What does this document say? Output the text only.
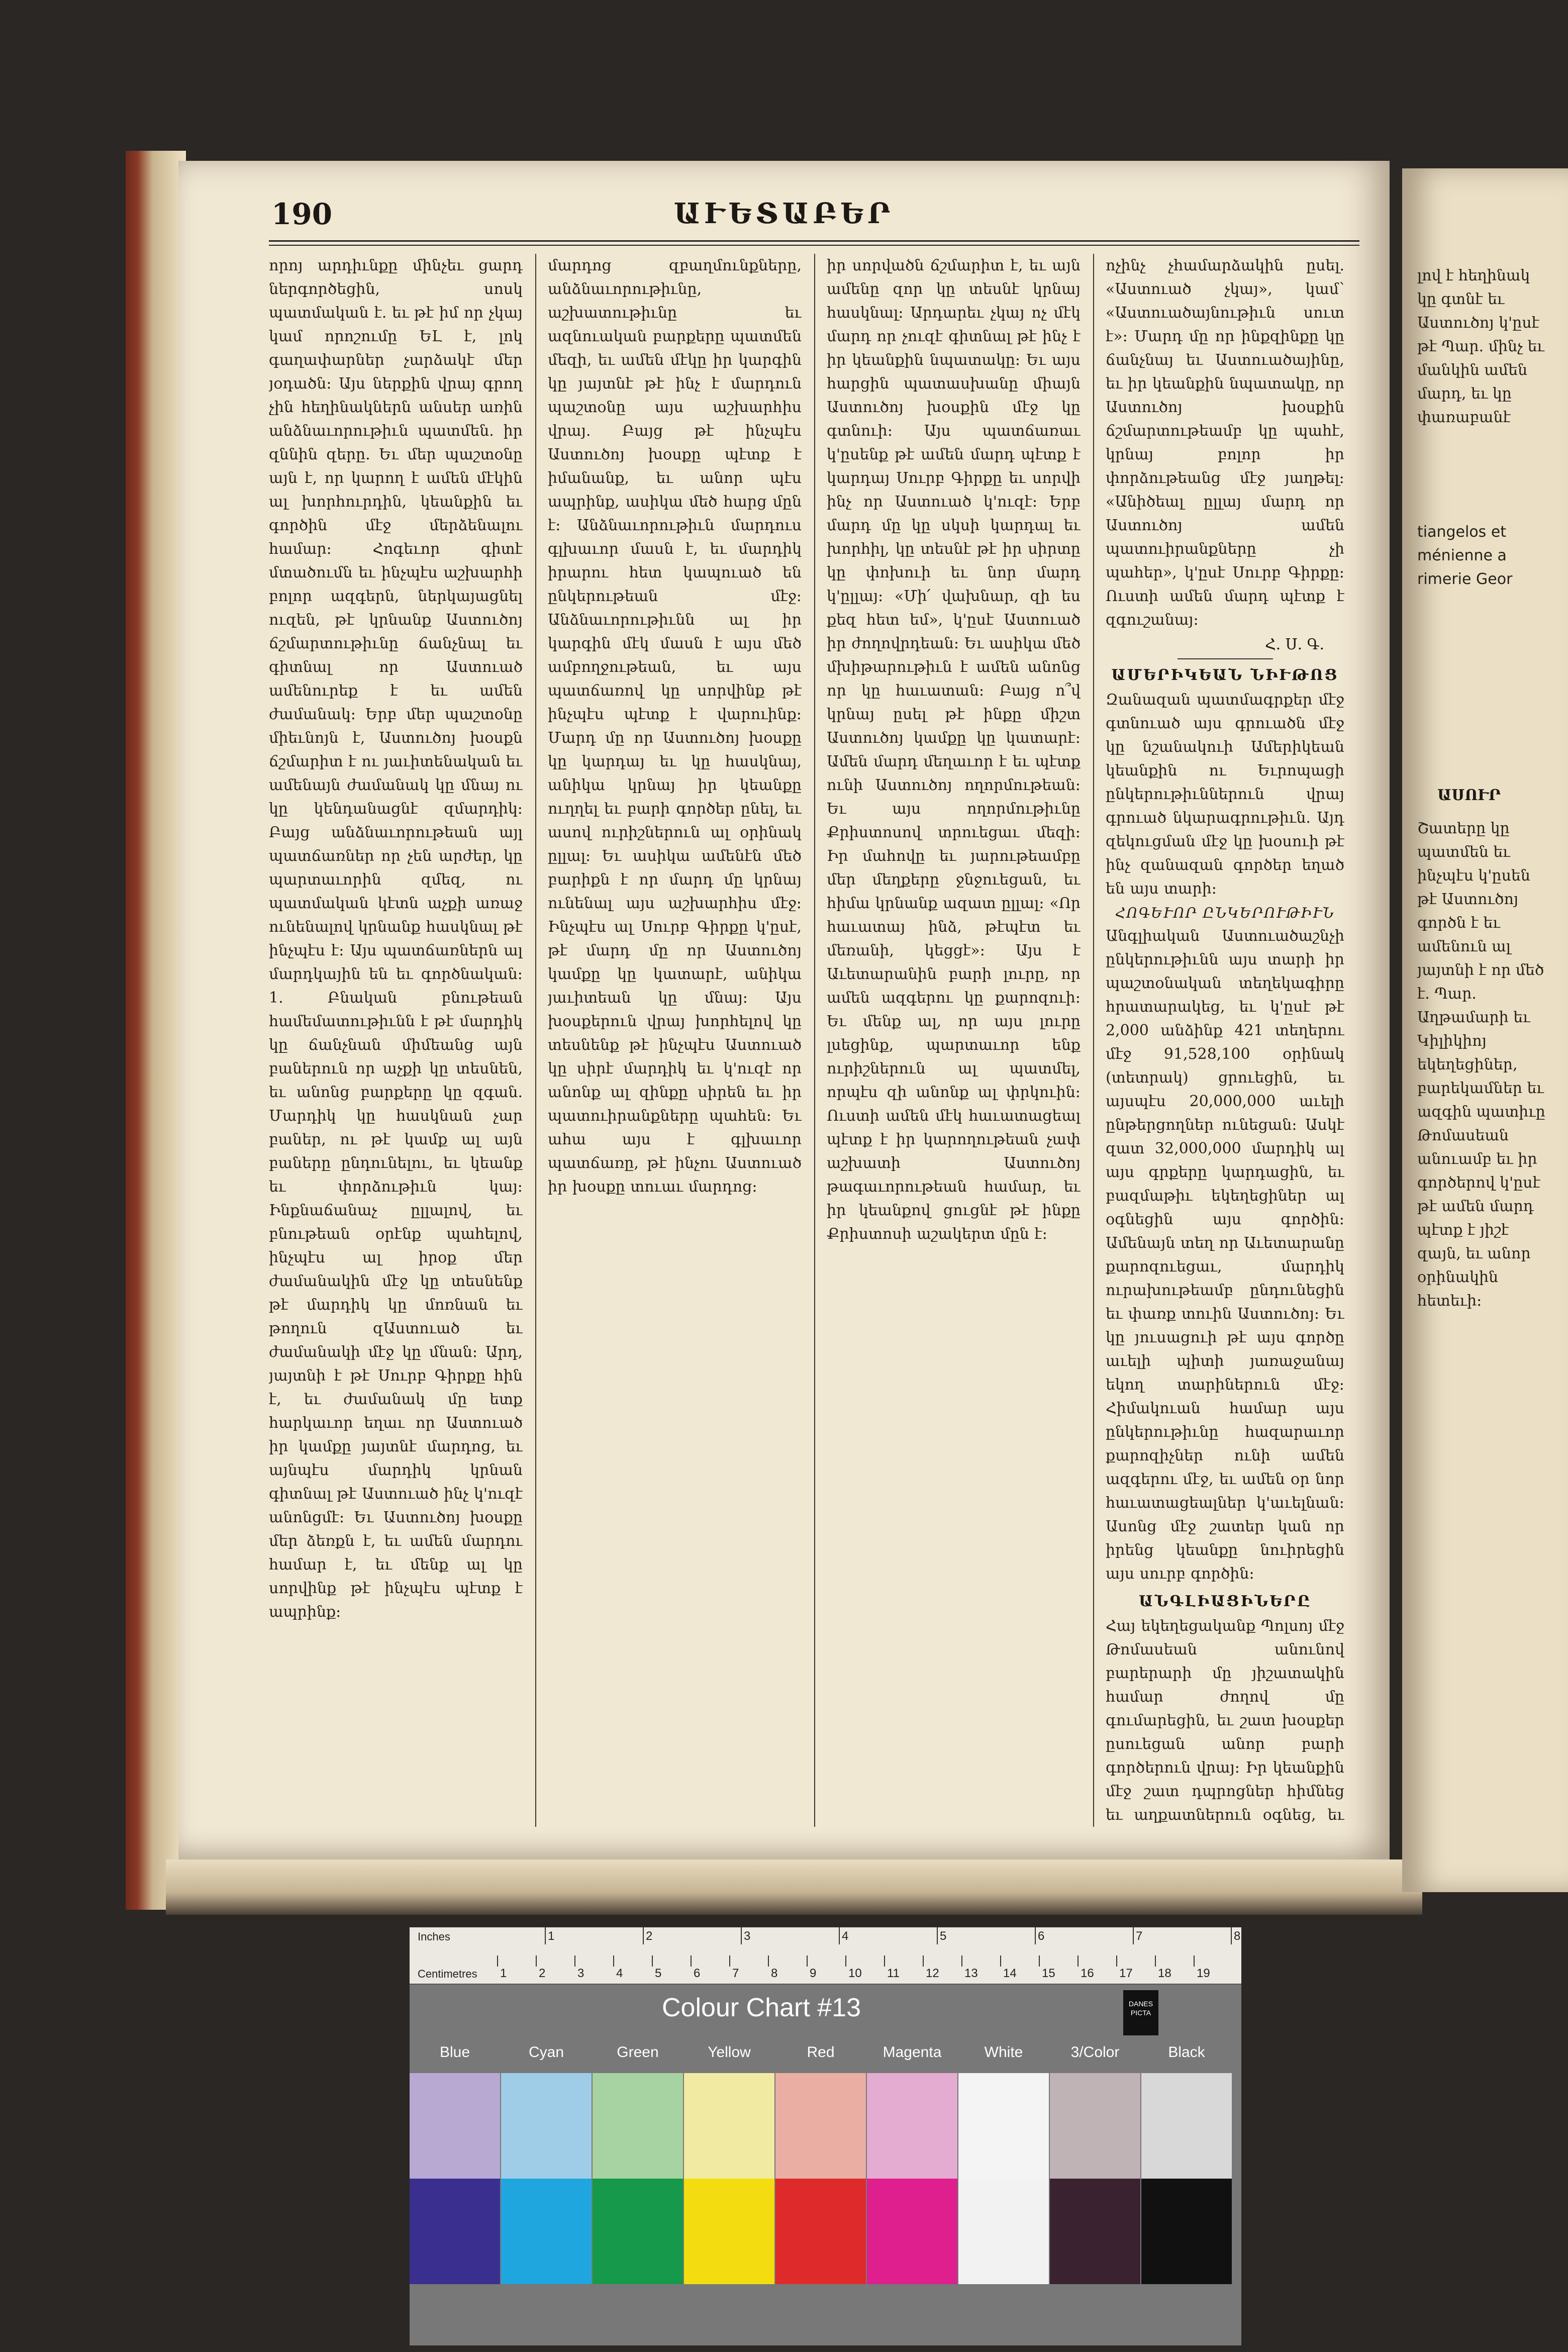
190	ԱՒԵՏԱԲԵՐ
որոյ արդիւնքը մինչեւ ցարդ ներգործեցին, սոսկ պատմական է. եւ թէ իմ որ չկայ կամ որոշումը ԵԼ է, լոկ գաղափարներ չարձակէ մեր յօդածն։ Այս ներքին վրայ գրող չին հեղինակներն անսեր առին անձնաւորութիւն պատմեն. իր զննին զերը. Եւ մեր պաշտօնը այն է, որ կարող է ամեն մէկին ալ խորհուրդին, կեանքին եւ գործին մէջ մերձենալու համար։ Հոգեւոր գիտէ մտածումն եւ ինչպէս աշխարհի բոլոր ազգերն, ներկայացնել ուզեն, թէ կրնանք Աստուծոյ ճշմարտութիւնը ճանչնալ եւ գիտնալ որ Աստուած ամենուրեք է եւ ամեն ժամանակ։ Երբ մեր պաշտօնը միեւնոյն է, Աստուծոյ խօսքն ճշմարիտ է ու յաւիտենական եւ ամենայն ժամանակ կը մնայ ու կը կենդանացնէ զմարդիկ։ Բայց անձնաւորութեան այլ պատճառներ որ չեն արժեր, կը պարտաւորին զմեզ, ու պատմական կէտն աչքի առաջ ունենալով կրնանք հասկնալ թէ ինչպէս է։ Այս պատճառներն ալ մարդկային են եւ գործնական։ 1. Բնական բնութեան համեմատութիւնն է թէ մարդիկ կը ճանչնան միմեանց այն բաներուն որ աչքի կը տեսնեն, եւ անոնց բարքերը կը զգան. Մարդիկ կը հասկնան չար բաներ, ու թէ կամք ալ այն բաները ընդունելու, եւ կեանք եւ փորձութիւն կայ։ Ինքնաճանաչ ըլլալով, եւ բնութեան օրէնք պահելով, ինչպէս ալ իրօք մեր ժամանակին մէջ կը տեսնենք թէ մարդիկ կը մոռնան եւ թողուն զԱստուած եւ ժամանակի մէջ կը մնան։ Արդ, յայտնի է թէ Սուրբ Գիրքը հին է, եւ ժամանակ մը ետք հարկաւոր եղաւ որ Աստուած իր կամքը յայտնէ մարդոց, եւ այնպէս մարդիկ կրնան գիտնալ թէ Աստուած ինչ կ'ուզէ անոնցմէ։ Եւ Աստուծոյ խօսքը մեր ձեռքն է, եւ ամեն մարդու համար է, եւ մենք ալ կը սորվինք թէ ինչպէս պէտք է ապրինք։
մարդոց զբաղմունքները, անձնաւորութիւնը, աշխատութիւնը եւ ազնուական բարքերը պատմեն մեզի, եւ ամեն մէկը իր կարգին կը յայտնէ թէ ինչ է մարդուն պաշտօնը այս աշխարհիս վրայ. Բայց թէ ինչպէս Աստուծոյ խօսքը պէտք է իմանանք, եւ անոր պէս ապրինք, ասիկա մեծ հարց մըն է։ Անձնաւորութիւն մարդուս գլխաւոր մասն է, եւ մարդիկ իրարու հետ կապուած են ընկերութեան մէջ։ Անձնաւորութիւնն ալ իր կարգին մէկ մասն է այս մեծ ամբողջութեան, եւ այս պատճառով կը սորվինք թէ ինչպէս պէտք է վարուինք։ Մարդ մը որ Աստուծոյ խօսքը կը կարդայ եւ կը հասկնայ, անիկա կրնայ իր կեանքը ուղղել եւ բարի գործեր ընել, եւ ասով ուրիշներուն ալ օրինակ ըլլալ։ Եւ ասիկա ամենէն մեծ բարիքն է որ մարդ մը կրնայ ունենալ այս աշխարհիս մէջ։ Ինչպէս ալ Սուրբ Գիրքը կ'ըսէ, թէ մարդ մը որ Աստուծոյ կամքը կը կատարէ, անիկա յաւիտեան կը մնայ։ Այս խօսքերուն վրայ խորհելով կը տեսնենք թէ ինչպէս Աստուած կը սիրէ մարդիկ եւ կ'ուզէ որ անոնք ալ զինքը սիրեն եւ իր պատուիրանքները պահեն։ Եւ ահա այս է գլխաւոր պատճառը, թէ ինչու Աստուած իր խօսքը տուաւ մարդոց։
իր սորվածն ճշմարիտ է, եւ այն ամենը զոր կը տեսնէ կրնայ հասկնալ։ Արդարեւ չկայ ոչ մէկ մարդ որ չուզէ գիտնալ թէ ինչ է իր կեանքին նպատակը։ Եւ այս հարցին պատասխանը միայն Աստուծոյ խօսքին մէջ կը գտնուի։ Այս պատճառաւ կ'ըսենք թէ ամեն մարդ պէտք է կարդայ Սուրբ Գիրքը եւ սորվի ինչ որ Աստուած կ'ուզէ։ Երբ մարդ մը կը սկսի կարդալ եւ խորհիլ, կը տեսնէ թէ իր սիրտը կը փոխուի եւ նոր մարդ կ'ըլլայ։ «Մի՛ վախնար, զի ես քեզ հետ եմ», կ'ըսէ Աստուած իր ժողովրդեան։ Եւ ասիկա մեծ մխիթարութիւն է ամեն անոնց որ կը հաւատան։ Բայց ո՞վ կրնայ ըսել թէ ինքը միշտ Աստուծոյ կամքը կը կատարէ։ Ամեն մարդ մեղաւոր է եւ պէտք ունի Աստուծոյ ողորմութեան։ Եւ այս ողորմութիւնը Քրիստոսով տրուեցաւ մեզի։ Իր մահովը եւ յարութեամբը մեր մեղքերը ջնջուեցան, եւ հիմա կրնանք ազատ ըլլալ։ «Որ հաւատայ ինձ, թէպէտ եւ մեռանի, կեցցէ»։ Այս է Աւետարանին բարի լուրը, որ ամեն ազգերու կը քարոզուի։ Եւ մենք ալ, որ այս լուրը լսեցինք, պարտաւոր ենք ուրիշներուն ալ պատմել, որպէս զի անոնք ալ փրկուին։ Ուստի ամեն մէկ հաւատացեալ պէտք է իր կարողութեան չափ աշխատի Աստուծոյ թագաւորութեան համար, եւ իր կեանքով ցուցնէ թէ ինքը Քրիստոսի աշակերտ մըն է։
ոչինչ չհամարձակին ըսել. «Աստուած չկայ», կամ՝ «Աստուածայնութիւն սուտ է»։ Մարդ մը որ ինքզինքը կը ճանչնայ եւ Աստուածայինը, եւ իր կեանքին նպատակը, որ Աստուծոյ խօսքին ճշմարտութեամբ կը պահէ, կրնայ բոլոր իր փորձութեանց մէջ յաղթել։ «Անիծեալ ըլլայ մարդ որ Աստուծոյ ամեն պատուիրանքները չի պահեր», կ'ըսէ Սուրբ Գիրքը։ Ուստի ամեն մարդ պէտք է զգուշանայ։
Հ. Ս. Գ.
ԱՄԵՐԻԿԵԱՆ ՆԻՒԹՈՑ
Զանազան պատմագրքեր մէջ գտնուած այս գրուածն մէջ կը նշանակուի Ամերիկեան կեանքին ու Եւրոպացի ընկերութիւններուն վրայ գրուած նկարագրութիւն. Այդ զեկուցման մէջ կը խօսուի թէ ինչ զանազան գործեր եղած են այս տարի։
ՀՈԳԵՒՈՐ ԸՆԿԵՐՈՒԹԻՒՆ
Անգլիական Աստուածաշնչի ընկերութիւնն այս տարի իր պաշտօնական տեղեկագիրը հրատարակեց, եւ կ'ըսէ թէ 2,000 անձինք 421 տեղերու մէջ 91,528,100 օրինակ (տետրակ) ցրուեցին, եւ այսպէս 20,000,000 աւելի ընթերցողներ ունեցան։ Ասկէ զատ 32,000,000 մարդիկ ալ այս գրքերը կարդացին, եւ բազմաթիւ եկեղեցիներ ալ օգնեցին այս գործին։ Ամենայն տեղ որ Աւետարանը քարոզուեցաւ, մարդիկ ուրախութեամբ ընդունեցին եւ փառք տուին Աստուծոյ։ Եւ կը յուսացուի թէ այս գործը աւելի պիտի յառաջանայ եկող տարիներուն մէջ։ Հիմակուան համար այս ընկերութիւնը հազարաւոր քարոզիչներ ունի ամեն ազգերու մէջ, եւ ամեն օր նոր հաւատացեալներ կ'աւելնան։ Ասոնց մէջ շատեր կան որ իրենց կեանքը նուիրեցին այս սուրբ գործին։
ԱՆԳԼԻԱՑԻՆԵՐԸ
Հայ եկեղեցականք Պոլսոյ մէջ Թոմասեան անունով բարերարի մը յիշատակին համար ժողով մը գումարեցին, եւ շատ խօսքեր ըսուեցան անոր բարի գործերուն վրայ։ Իր կեանքին մէջ շատ դպրոցներ հիմնեց եւ աղքատներուն օգնեց, եւ
լով է հեղինակ կը գտնէ եւ Աստուծոյ կ'ըսէ թէ Պար. մինչ եւ մանկին ամեն մարդ, եւ կը փառաբանէ
tiangelos et
ménienne a
rimerie Geor
ԱՍՈՒՐ
Շատերը կը պատմեն եւ ինչպէս կ'ըսեն թէ Աստուծոյ գործն է եւ ամենուն ալ յայտնի է որ մեծ է. Պար. Աղթամարի եւ Կիլիկիոյ եկեղեցիներ, բարեկամներ եւ ազգին պատիւը Թոմասեան անուամբ եւ իր գործերով կ'ըսէ թէ ամեն մարդ պէտք է յիշէ զայն, եւ անոր օրինակին հետեւի։
Inches
Centimetres
1	2	3	4	5	6	7	8
1	2	3	4	5	6	7	8	9	10 11 12 13 14 15 16 17 18 19
Colour Chart #13	DANES
PICTA
Blue	Cyan	Green	Yellow	Red	Magenta	White	3/Color	Black
